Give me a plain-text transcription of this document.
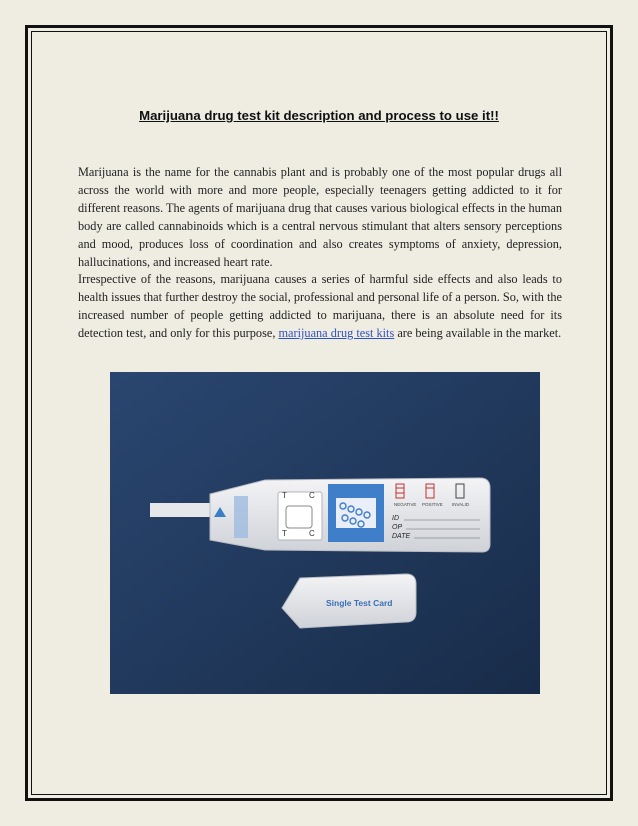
Marijuana drug test kit description and process to use it!!

Marijuana is the name for the cannabis plant and is probably one of the most popular drugs all across the world with more and more people, especially teenagers getting addicted to it for different reasons. The agents of marijuana drug that causes various biological effects in the human body are called cannabinoids which is a central nervous stimulant that alters sensory perceptions and mood, produces loss of coordination and also creates symptoms of anxiety, depression, hallucinations, and increased heart rate.

Irrespective of the reasons, marijuana causes a series of harmful side effects and also leads to health issues that further destroy the social, professional and personal life of a person. So, with the increased number of people getting addicted to marijuana, there is an absolute need for its detection test, and only for this purpose, marijuana drug test kits are being available in the market.

C
T
C
T
NEGATIVE POSITIVE INVALID
ID
OP
DATE
Single Test Card
